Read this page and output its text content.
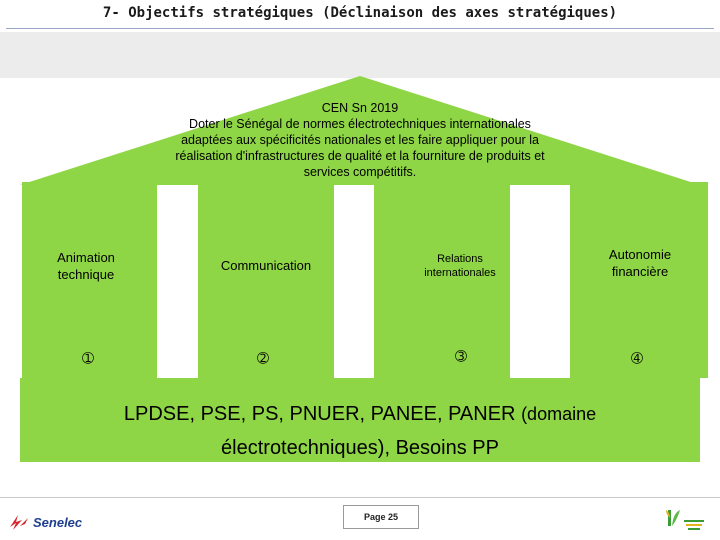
7- Objectifs stratégiques (Déclinaison des axes stratégiques)
CEN Sn 2019
Doter le Sénégal de normes électrotechniques internationales
adaptées aux spécificités nationales et les faire appliquer pour la
réalisation d'infrastructures de qualité et la fourniture de produits et
services compétitifs.
Animation
technique
Communication	Relations
internationales
Autonomie
financière
➀	➁	➂	➃
LPDSE, PSE, PS, PNUER, PANEE, PANER (domaine
électrotechniques), Besoins PP
Senelec	Page 25
